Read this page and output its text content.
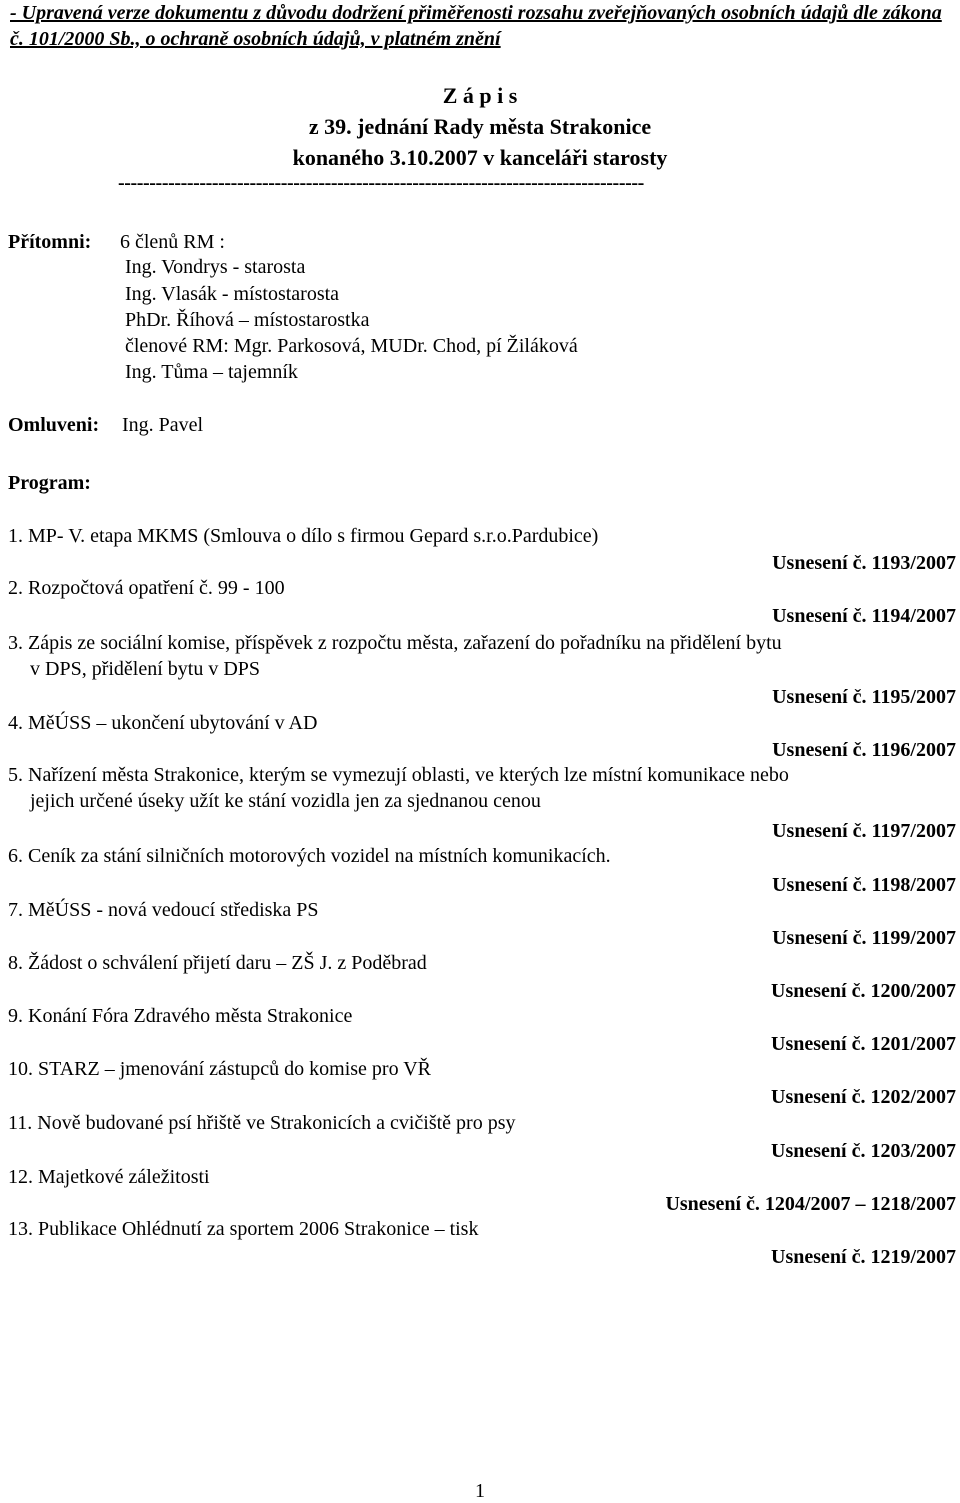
- Upravená verze dokumentu z důvodu dodržení přiměřenosti rozsahu zveřejňovaných osobních údajů dle zákona č. 101/2000 Sb., o ochraně osobních údajů, v platném znění
Z á p i s
z 39. jednání Rady města Strakonice
konaného 3.10.2007 v kanceláři starosty
------------------------------------------------------------------------------------
Přítomni: 6 členů RM :
Ing. Vondrys - starosta
Ing. Vlasák - místostarosta
PhDr. Říhová – místostarostka
členové RM: Mgr. Parkosová, MUDr. Chod, pí Žiláková
Ing. Tůma – tajemník
Omluveni: Ing. Pavel
Program:
1. MP- V. etapa MKMS (Smlouva o dílo s firmou Gepard s.r.o.Pardubice)
Usnesení č. 1193/2007
2. Rozpočtová opatření č. 99 - 100
Usnesení č. 1194/2007
3. Zápis ze sociální komise, příspěvek z rozpočtu města, zařazení do pořadníku na přidělení bytu
v DPS, přidělení bytu v DPS
Usnesení č. 1195/2007
4. MěÚSS – ukončení ubytování v AD
Usnesení č. 1196/2007
5. Nařízení města Strakonice, kterým se vymezují oblasti, ve kterých lze místní komunikace nebo
jejich určené úseky užít ke stání vozidla jen za sjednanou cenou
Usnesení č. 1197/2007
6. Ceník za stání silničních motorových vozidel na místních komunikacích.
Usnesení č. 1198/2007
7. MěÚSS - nová vedoucí střediska PS
Usnesení č. 1199/2007
8. Žádost o schválení přijetí daru – ZŠ J. z Poděbrad
Usnesení č. 1200/2007
9. Konání Fóra Zdravého města Strakonice
Usnesení č. 1201/2007
10. STARZ – jmenování zástupců do komise pro VŘ
Usnesení č. 1202/2007
11. Nově budované psí hřiště ve Strakonicích a cvičiště pro psy
Usnesení č. 1203/2007
12. Majetkové záležitosti
Usnesení č. 1204/2007 – 1218/2007
13. Publikace Ohlédnutí za sportem 2006 Strakonice – tisk
Usnesení č. 1219/2007
1
